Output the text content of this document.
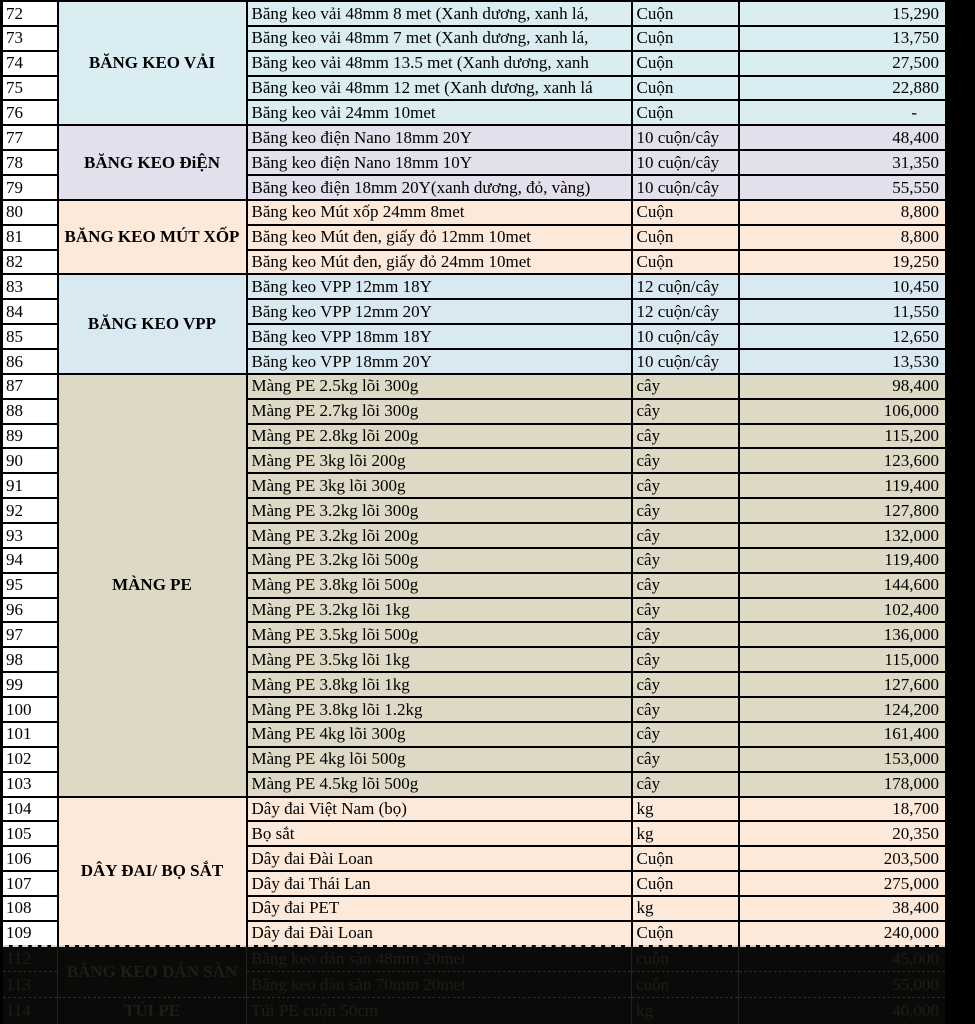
72	BĂNG KEO VẢI	Băng keo vải 48mm 8 met (Xanh dương, xanh lá,	Cuộn	15,290
73		Băng keo vải 48mm 7 met (Xanh dương, xanh lá,	Cuộn	13,750
74		Băng keo vải 48mm 13.5 met (Xanh dương, xanh	Cuộn	27,500
75		Băng keo vải 48mm 12 met (Xanh dương, xanh lá	Cuộn	22,880
76		Băng keo vải 24mm 10met	Cuộn	-
77	BĂNG KEO ĐiỆN	Băng keo điện Nano 18mm 20Y	10 cuộn/cây	48,400
78		Băng keo điện Nano 18mm 10Y	10 cuộn/cây	31,350
79		Băng keo điện 18mm 20Y(xanh dương, đỏ, vàng)	10 cuộn/cây	55,550
80	BĂNG KEO MÚT XỐP	Băng keo Mút xốp 24mm 8met	Cuộn	8,800
81		Băng keo Mút đen, giấy đỏ 12mm 10met	Cuộn	8,800
82		Băng keo Mút đen, giấy đỏ 24mm 10met	Cuộn	19,250
83	BĂNG KEO VPP	Băng keo VPP 12mm 18Y	12 cuộn/cây	10,450
84		Băng keo VPP 12mm 20Y	12 cuộn/cây	11,550
85		Băng keo VPP 18mm 18Y	10 cuộn/cây	12,650
86		Băng keo VPP 18mm 20Y	10 cuộn/cây	13,530
87	MÀNG PE	Màng PE 2.5kg lõi 300g	cây	98,400
88		Màng PE 2.7kg lõi 300g	cây	106,000
89		Màng PE 2.8kg lõi 200g	cây	115,200
90		Màng PE 3kg lõi 200g	cây	123,600
91		Màng PE 3kg lõi 300g	cây	119,400
92		Màng PE 3.2kg lõi 300g	cây	127,800
93		Màng PE 3.2kg lõi 200g	cây	132,000
94		Màng PE 3.2kg lõi 500g	cây	119,400
95		Màng PE 3.8kg lõi 500g	cây	144,600
96		Màng PE 3.2kg lõi 1kg	cây	102,400
97		Màng PE 3.5kg lõi 500g	cây	136,000
98		Màng PE 3.5kg lõi 1kg	cây	115,000
99		Màng PE 3.8kg lõi 1kg	cây	127,600
100		Màng PE 3.8kg lõi 1.2kg	cây	124,200
101		Màng PE 4kg lõi 300g	cây	161,400
102		Màng PE 4kg lõi 500g	cây	153,000
103		Màng PE 4.5kg lõi 500g	cây	178,000
104	DÂY ĐAI/ BỌ SẮT	Dây đai Việt Nam (bọ)	kg	18,700
105		Bọ sắt	kg	20,350
106		Dây đai Đài Loan	Cuộn	203,500
107		Dây đai Thái Lan	Cuộn	275,000
108		Dây đai PET	kg	38,400
109		Dây đai Đài Loan	Cuộn	240,000
112	BĂNG KEO DÁN SÀN	Băng keo dán sàn 48mm 20met	cuộn	45,000
113		Băng keo dán sàn 70mm 20met	cuộn	55,000
114	TÚI PE	Túi PE cuộn 50cm	kg	40,000
